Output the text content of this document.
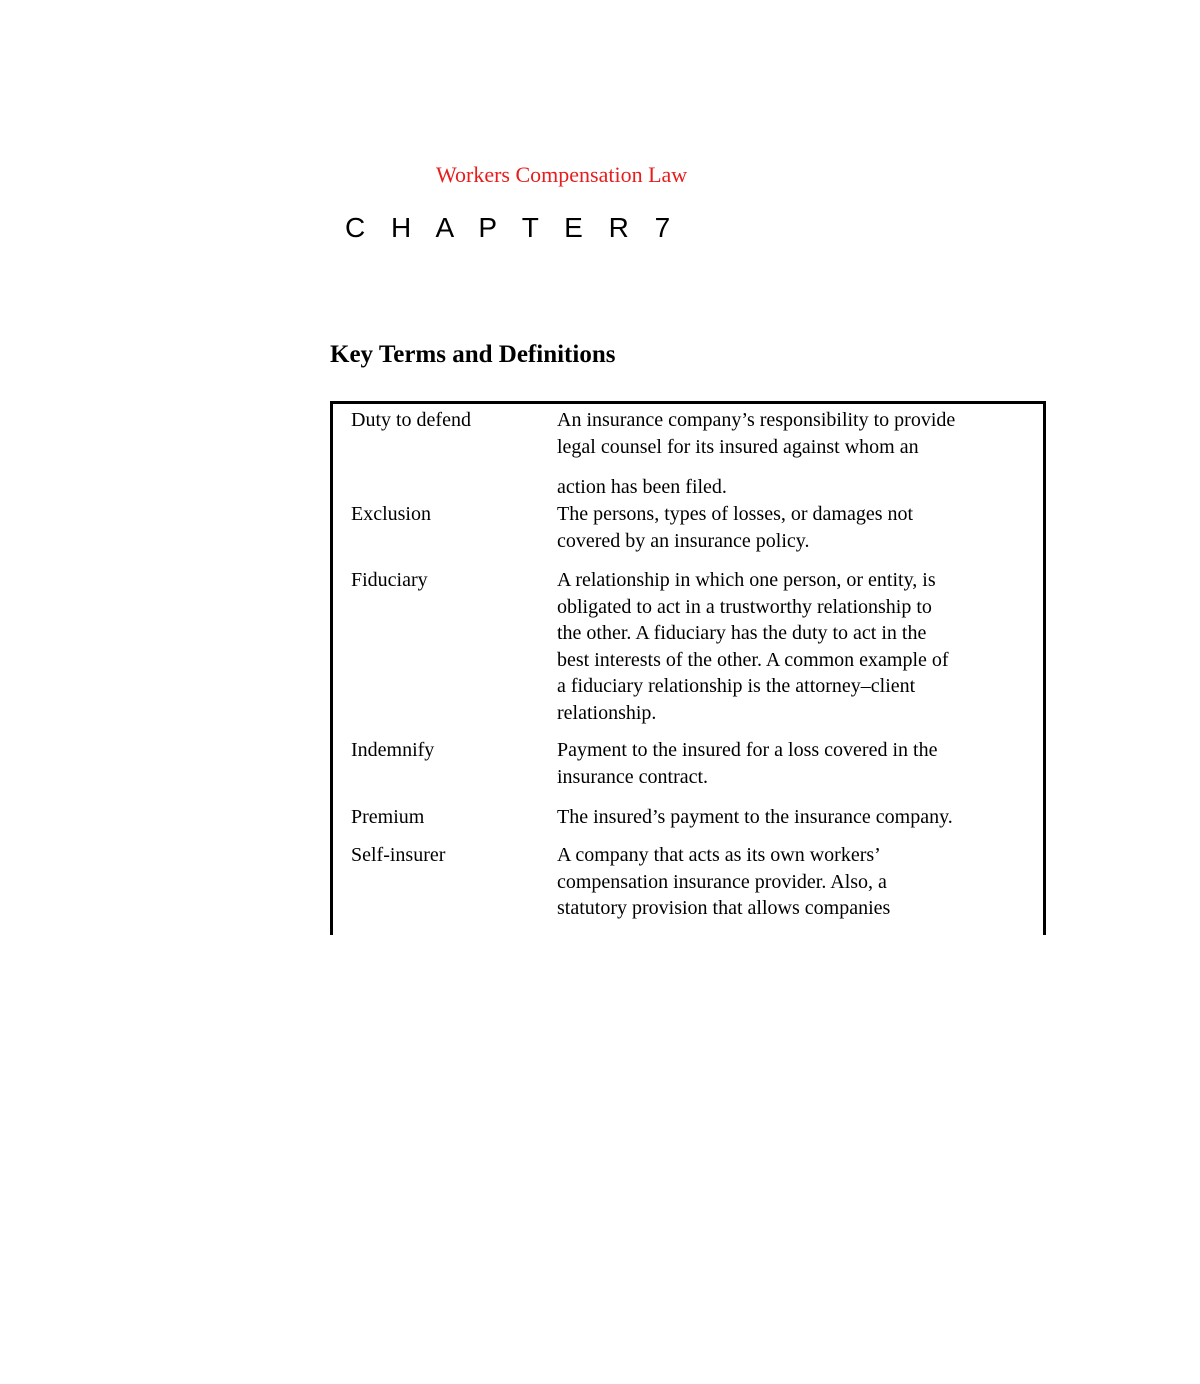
Workers Compensation Law
C H A P T E R 7
Key Terms and Definitions
Duty to defend	An insurance company’s responsibility to provide
legal counsel for its insured against whom an
action has been filed.
Exclusion	The persons, types of losses, or damages not
covered by an insurance policy.
Fiduciary	A relationship in which one person, or entity, is
obligated to act in a trustworthy relationship to
the other. A fiduciary has the duty to act in the
best interests of the other. A common example of
a fiduciary relationship is the attorney–client
relationship.
Indemnify	Payment to the insured for a loss covered in the
insurance contract.
Premium	The insured’s payment to the insurance company.
Self-insurer	A company that acts as its own workers’
compensation insurance provider. Also, a
statutory provision that allows companies
